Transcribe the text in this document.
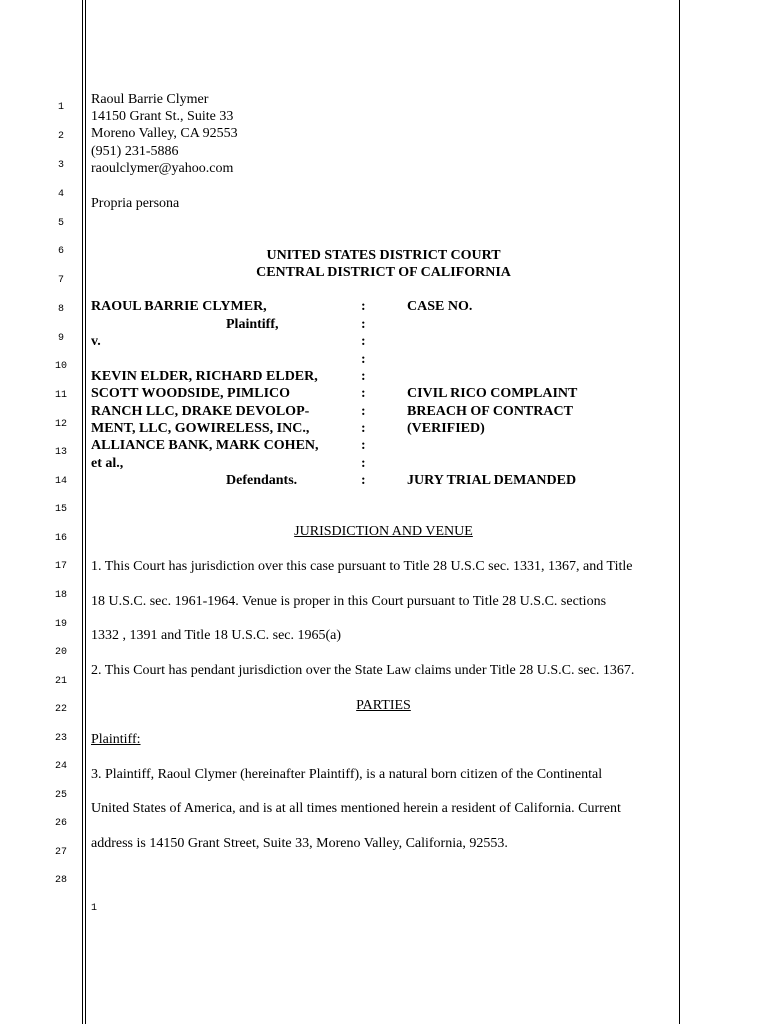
1
2
3
4
5
6
7
8
9
10
11
12
13
14
15
16
17
18
19
20
21
22
23
24
25
26
27
28
Raoul Barrie Clymer
14150 Grant St., Suite 33
Moreno Valley, CA 92553
(951) 231-5886
raoulclymer@yahoo.com
Propria persona
UNITED STATES DISTRICT COURT
CENTRAL DISTRICT OF CALIFORNIA
RAOUL BARRIE CLYMER,
Plaintiff,
v.
KEVIN ELDER, RICHARD ELDER,
SCOTT WOODSIDE, PIMLICO
RANCH LLC, DRAKE DEVOLOP-
MENT, LLC, GOWIRELESS, INC.,
ALLIANCE BANK, MARK COHEN,
et al.,
Defendants.
:
:
:
:
:
:
:
:
:
:
:
CASE NO.
CIVIL RICO COMPLAINT
BREACH OF CONTRACT
(VERIFIED)
JURY TRIAL DEMANDED
JURISDICTION AND VENUE
1. This Court has jurisdiction over this case pursuant to Title 28 U.S.C sec. 1331, 1367, and Title
18 U.S.C. sec. 1961-1964. Venue is proper in this Court pursuant to Title 28 U.S.C. sections
1332 , 1391 and Title 18 U.S.C. sec. 1965(a)
2. This Court has pendant jurisdiction over the State Law claims under Title 28 U.S.C. sec. 1367.
PARTIES
Plaintiff:
3. Plaintiff, Raoul Clymer (hereinafter Plaintiff), is a natural born citizen of the Continental
United States of America, and is at all times mentioned herein a resident of California. Current
address is 14150 Grant Street, Suite 33, Moreno Valley, California, 92553.
1
